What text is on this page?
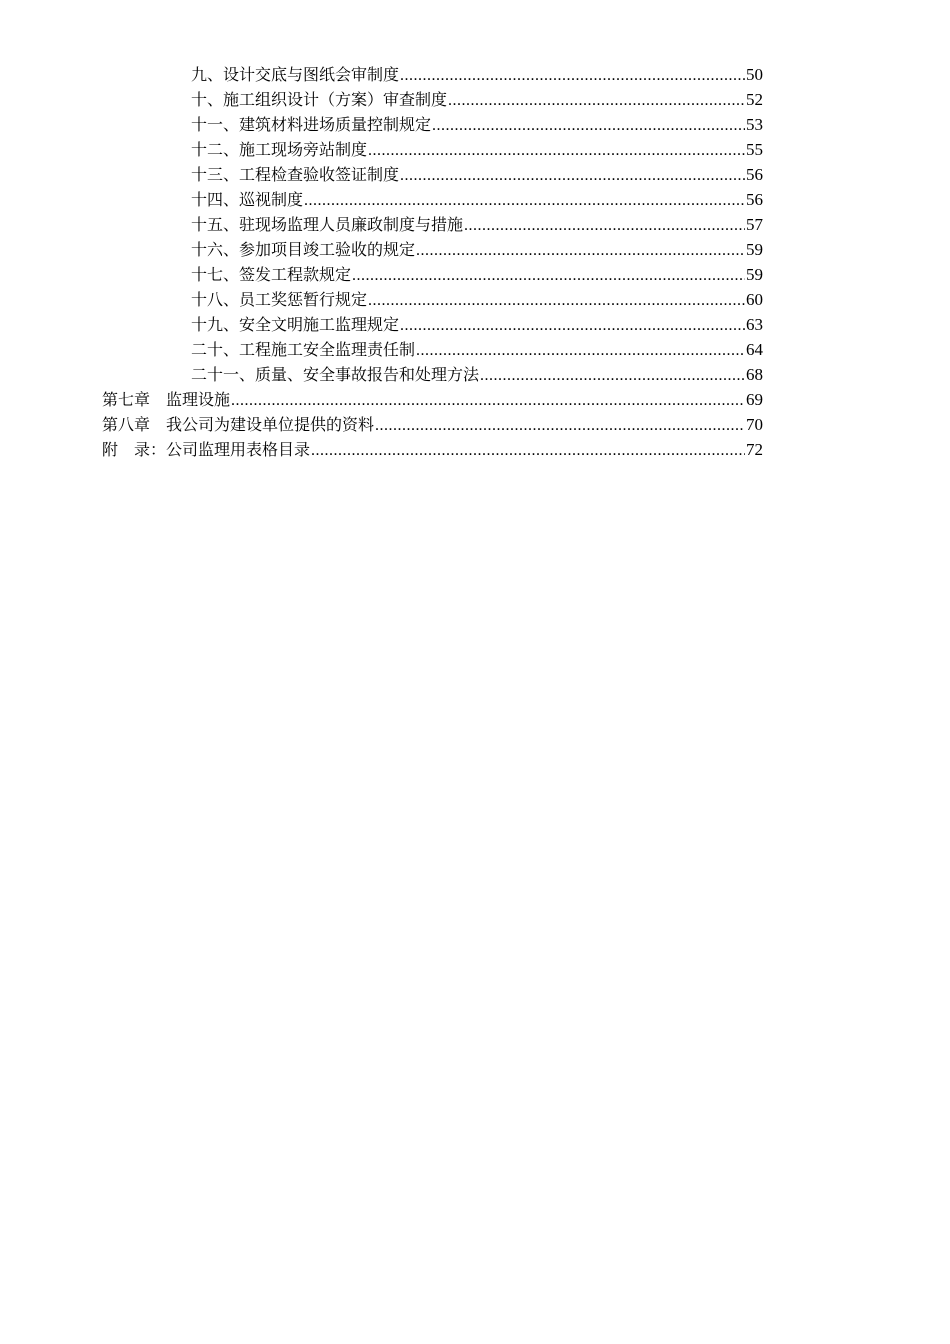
九、设计交底与图纸会审制度 .....	50
十、施工组织设计（方案）审查制度 .....	52
十一、建筑材料进场质量控制规定 .....	53
十二、施工现场旁站制度 .....	55
十三、工程检查验收签证制度 .....	56
十四、巡视制度 .....	56
十五、驻现场监理人员廉政制度与措施 .....	57
十六、参加项目竣工验收的规定 .....	59
十七、签发工程款规定 .....	59
十八、员工奖惩暂行规定 .....	60
十九、安全文明施工监理规定 .....	63
二十、工程施工安全监理责任制 .....	64
二十一、质量、安全事故报告和处理方法 .....	68
第七章　监理设施 .....	69
第八章　我公司为建设单位提供的资料 .....	70
附　录：公司监理用表格目录 .....	72
